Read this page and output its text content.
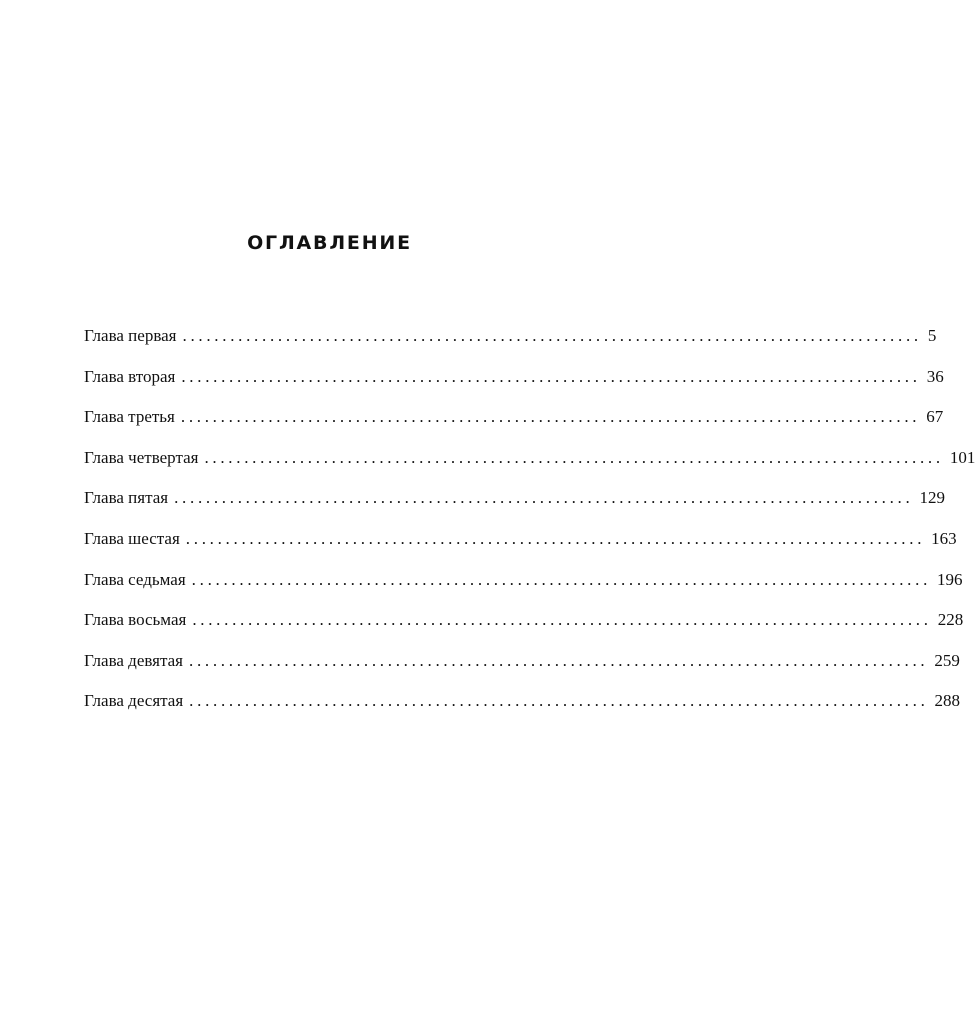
ОГЛАВЛЕНИЕ
Глава первая ............................................................................................. 5
Глава вторая ............................................................................................. 36
Глава третья ............................................................................................. 67
Глава четвертая ............................................................................................. 101
Глава пятая ............................................................................................. 129
Глава шестая ............................................................................................. 163
Глава седьмая ............................................................................................. 196
Глава восьмая ............................................................................................. 228
Глава девятая ............................................................................................. 259
Глава десятая ............................................................................................. 288
